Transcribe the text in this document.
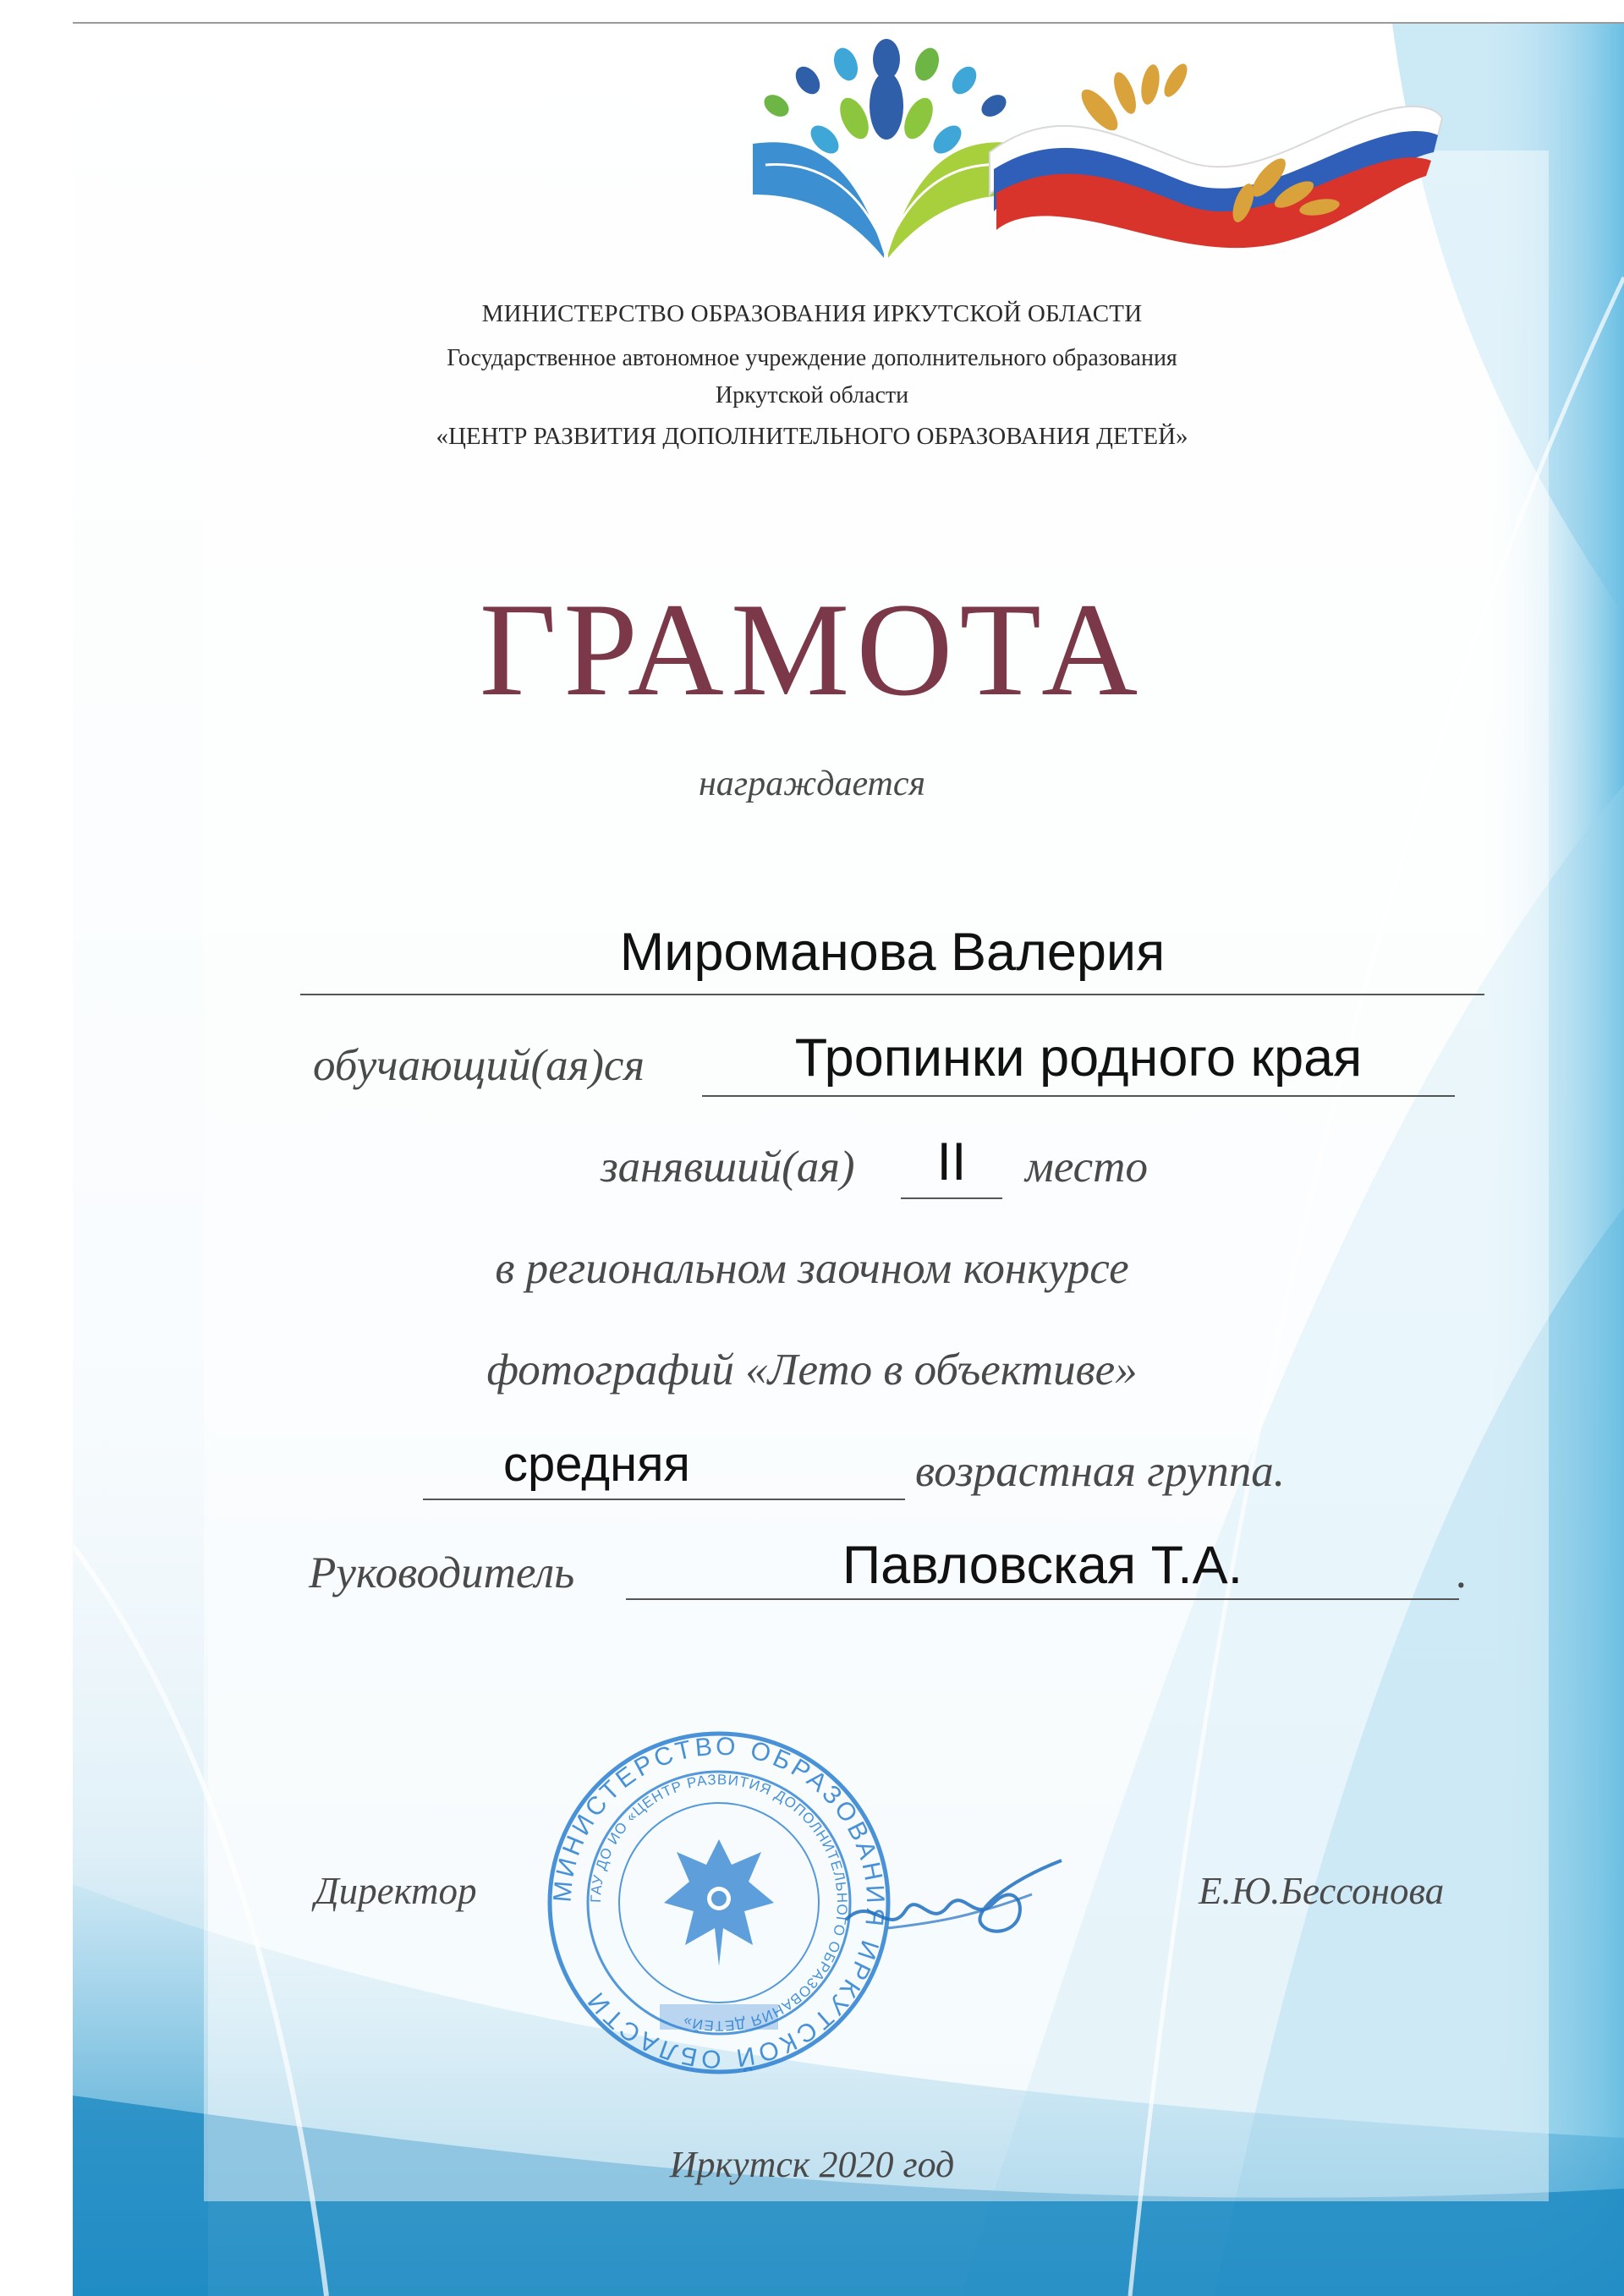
МИНИСТЕРСТВО ОБРАЗОВАНИЯ ИРКУТСКОЙ ОБЛАСТИ
Государственное автономное учреждение дополнительного образования
Иркутской области
«ЦЕНТР РАЗВИТИЯ ДОПОЛНИТЕЛЬНОГО ОБРАЗОВАНИЯ ДЕТЕЙ»
ГРАМОТА
награждается
Мироманова Валерия
обучающий(ая)ся	Тропинки родного края
занявший(ая)	II	место
в региональном заочном конкурсе
фотографий «Лето в объективе»
средняя	возрастная группа.
Руководитель	Павловская Т.А.	.
МИНИСТЕРСТВО ОБРАЗОВАНИЯ ИРКУТСКОЙ ОБЛАСТИ
ГАУ ДО ИО «ЦЕНТР РАЗВИТИЯ ДОПОЛНИТЕЛЬНОГО ОБРАЗОВАНИЯ ДЕТЕЙ»
Директор	Е.Ю.Бессонова
Иркутск 2020 год
